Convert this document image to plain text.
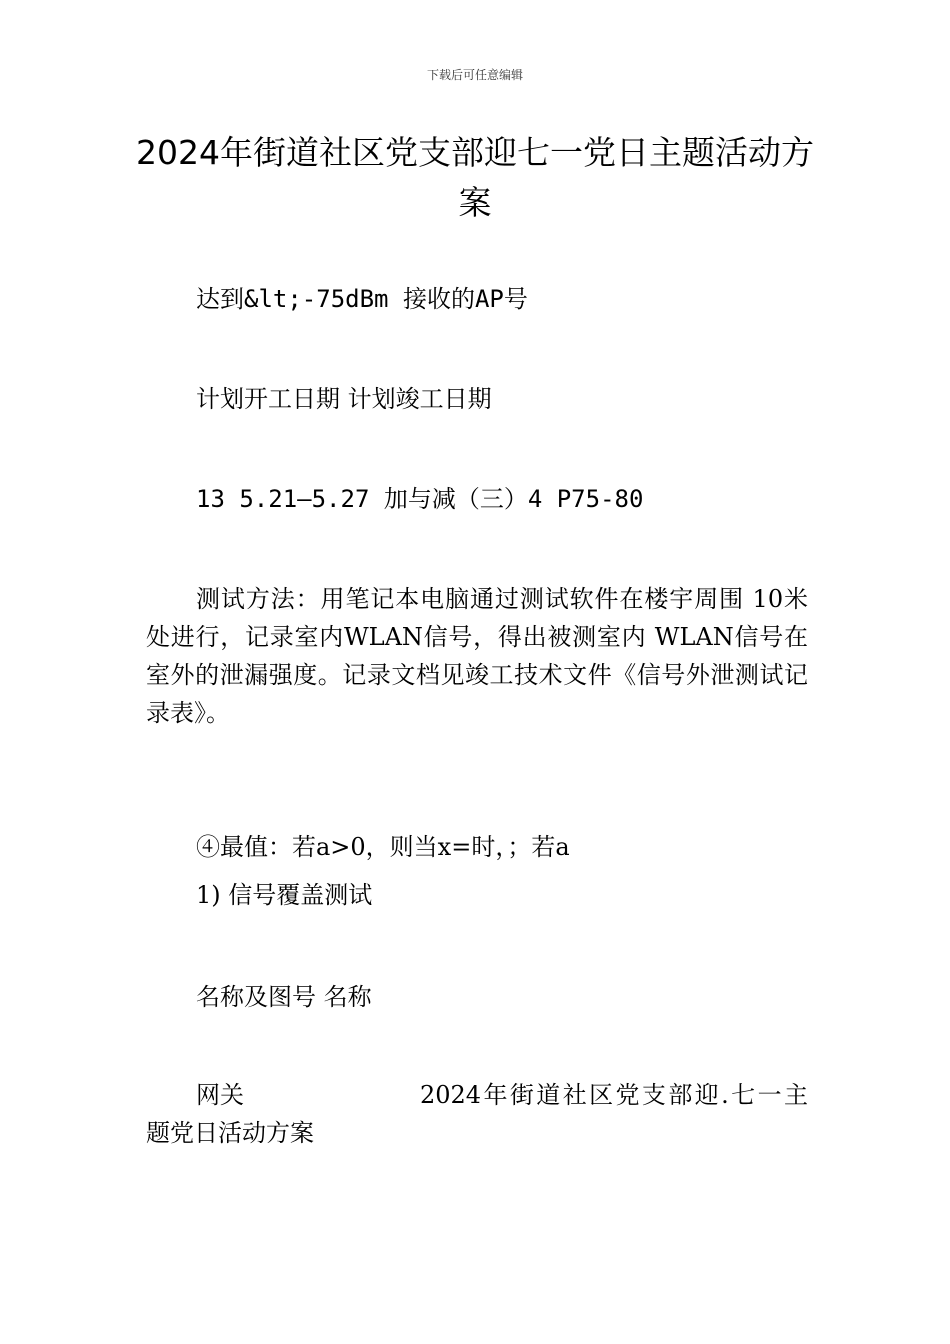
下载后可任意编辑
2024年街道社区党支部迎七一党日主题活动方案

达到&lt;-75dBm 接收的AP号

计划开工日期 计划竣工日期

13 5.21—5.27 加与减（三）4 P75-80

测试方法：用笔记本电脑通过测试软件在楼宇周围 10米处进行，记录室内WLAN信号，得出被测室内 WLAN信号在室外的泄漏强度。记录文档见竣工技术文件《信号外泄测试记录表》。

④最值：若a>0，则当x=时，；若a

1) 信号覆盖测试

名称及图号 名称

网关	2024年街道社区党支部迎.七一主
题党日活动方案
